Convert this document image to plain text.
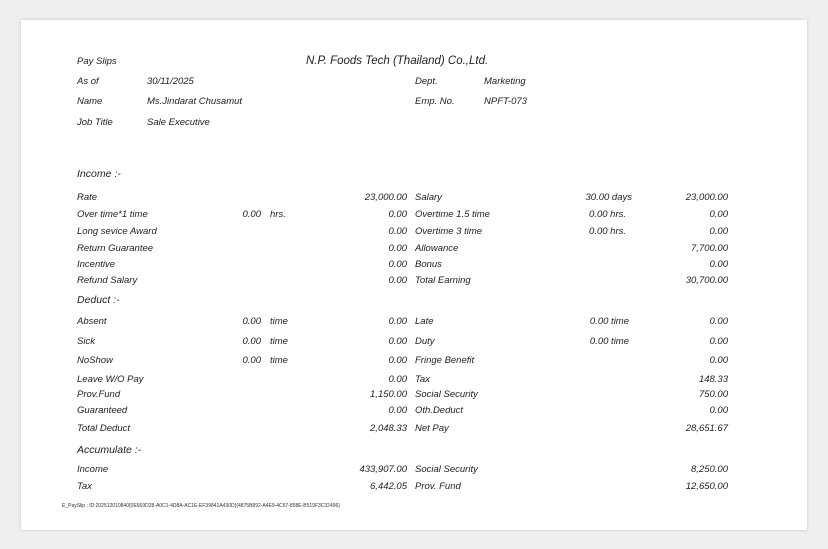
Pay Slips	N.P. Foods Tech (Thailand) Co.,Ltd.
As of	30/11/2025	Dept.	Marketing
Name	Ms.Jindarat Chusamut	Emp. No.	NPFT-073
Job Title	Sale Executive
Income :-
Rate	23,000.00 Salary	30.00 days	23,000.00
Over time*1 time	0.00 hrs.	0.00 Overtime 1.5 time	0.00 hrs.	0.00
Long sevice Award	0.00 Overtime 3 time	0.00 hrs.	0.00
Return Guarantee	0.00 Allowance	7,700.00
Incentive	0.00 Bonus	0.00
Refund Salary	0.00 Total Earning	30,700.00
Deduct :-
Absent	0.00 time	0.00 Late	0.00 time	0.00
Sick	0.00 time	0.00 Duty	0.00 time	0.00
NoShow	0.00 time	0.00 Fringe Benefit	0.00
Leave W/O Pay	0.00 Tax	148.33
Prov.Fund	1,150.00 Social Security	750.00
Guaranteed	0.00 Oth.Deduct	0.00
Total Deduct	2,048.33 Net Pay	28,651.67
Accumulate :-
Income	433,907.00 Social Security	8,250.00
Tax	6,442.05 Prov. Fund	12,650.00
E_PaySlip : ID:202512010840{0E669D28-A0C1-4D8A-AC1E-EF39841A430D}{4875B892-A4E9-4C67-858E-B519F3C32496}
